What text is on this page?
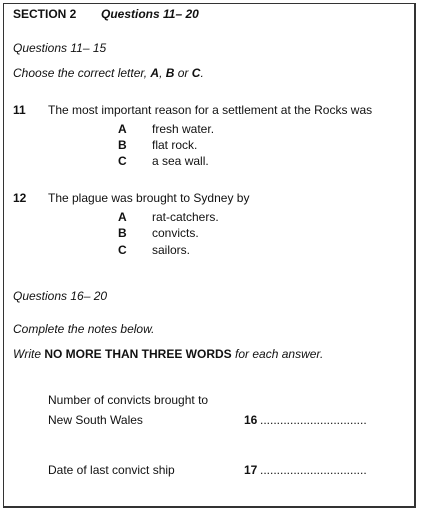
SECTION 2 Questions 11– 20
Questions 11– 15
Choose the correct letter, A, B or C.
11 The most important reason for a settlement at the Rocks was
A fresh water.
B flat rock.
C a sea wall.
12 The plague was brought to Sydney by
A rat-catchers.
B convicts.
C sailors.
Questions 16– 20
Complete the notes below.
Write NO MORE THAN THREE WORDS for each answer.
Number of convicts brought to
New South Wales	16 ................................
Date of last convict ship	17 ................................
